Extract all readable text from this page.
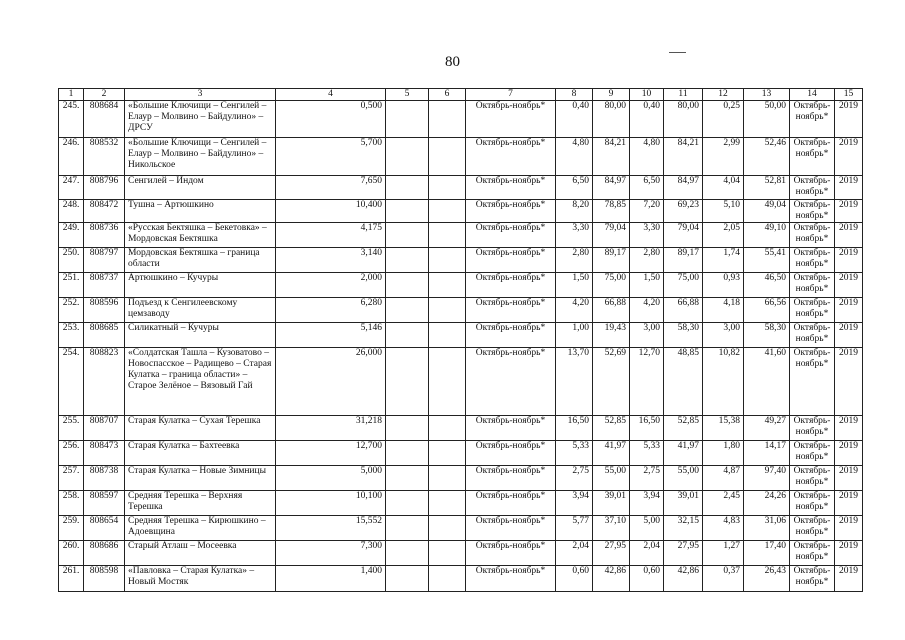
80
1	2	3	4	5	6	7	8	9	10	11	12	13	14	15
245.	808684	«Большие Ключищи – Сенгилей – Елаур – Молвино – Байдулино» – ДРСУ	0,500			Октябрь-ноябрь*	0,40	80,00	0,40	80,00	0,25	50,00	Октябрь-ноябрь*	2019
246.	808532	«Большие Ключищи – Сенгилей – Елаур – Молвино – Байдулино» – Никольское	5,700			Октябрь-ноябрь*	4,80	84,21	4,80	84,21	2,99	52,46	Октябрь-ноябрь*	2019
247.	808796	Сенгилей – Индом	7,650			Октябрь-ноябрь*	6,50	84,97	6,50	84,97	4,04	52,81	Октябрь-ноябрь*	2019
248.	808472	Тушна – Артюшкино	10,400			Октябрь-ноябрь*	8,20	78,85	7,20	69,23	5,10	49,04	Октябрь-ноябрь*	2019
249.	808736	«Русская Бектяшка – Бекетовка» – Мордовская Бектяшка	4,175			Октябрь-ноябрь*	3,30	79,04	3,30	79,04	2,05	49,10	Октябрь-ноябрь*	2019
250.	808797	Мордовская Бектяшка – граница области	3,140			Октябрь-ноябрь*	2,80	89,17	2,80	89,17	1,74	55,41	Октябрь-ноябрь*	2019
251.	808737	Артюшкино – Кучуры	2,000			Октябрь-ноябрь*	1,50	75,00	1,50	75,00	0,93	46,50	Октябрь-ноябрь*	2019
252.	808596	Подъезд к Сенгилеевскому цемзаводу	6,280			Октябрь-ноябрь*	4,20	66,88	4,20	66,88	4,18	66,56	Октябрь-ноябрь*	2019
253.	808685	Силикатный – Кучуры	5,146			Октябрь-ноябрь*	1,00	19,43	3,00	58,30	3,00	58,30	Октябрь-ноябрь*	2019
254.	808823	«Солдатская Ташла – Кузоватово – Новоспасское – Радищево – Старая Кулатка – граница области» – Старое Зелёное – Вязовый Гай	26,000			Октябрь-ноябрь*	13,70	52,69	12,70	48,85	10,82	41,60	Октябрь-ноябрь*	2019
255.	808707	Старая Кулатка – Сухая Терешка	31,218			Октябрь-ноябрь*	16,50	52,85	16,50	52,85	15,38	49,27	Октябрь-ноябрь*	2019
256.	808473	Старая Кулатка – Бахтеевка	12,700			Октябрь-ноябрь*	5,33	41,97	5,33	41,97	1,80	14,17	Октябрь-ноябрь*	2019
257.	808738	Старая Кулатка – Новые Зимницы	5,000			Октябрь-ноябрь*	2,75	55,00	2,75	55,00	4,87	97,40	Октябрь-ноябрь*	2019
258.	808597	Средняя Терешка – Верхняя Терешка	10,100			Октябрь-ноябрь*	3,94	39,01	3,94	39,01	2,45	24,26	Октябрь-ноябрь*	2019
259.	808654	Средняя Терешка – Кирюшкино – Адоевщина	15,552			Октябрь-ноябрь*	5,77	37,10	5,00	32,15	4,83	31,06	Октябрь-ноябрь*	2019
260.	808686	Старый Атлаш – Мосеевка	7,300			Октябрь-ноябрь*	2,04	27,95	2,04	27,95	1,27	17,40	Октябрь-ноябрь*	2019
261.	808598	«Павловка – Старая Кулатка» – Новый Мостяк	1,400			Октябрь-ноябрь*	0,60	42,86	0,60	42,86	0,37	26,43	Октябрь-ноябрь*	2019
